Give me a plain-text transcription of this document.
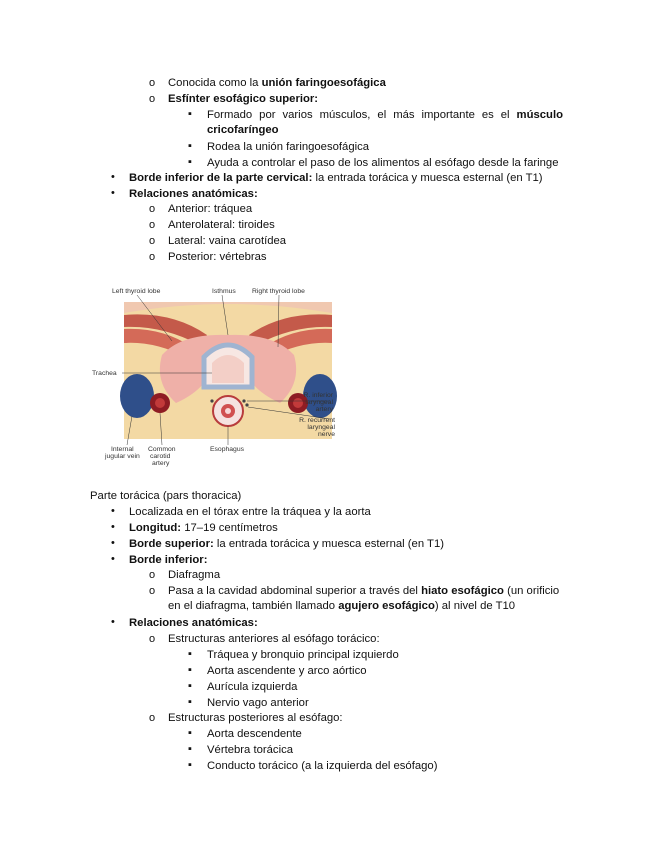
o Conocida como la unión faringoesofágica
o Esfínter esofágico superior:
▪ Formado por varios músculos, el más importante es el músculo cricofaríngeo
▪ Rodea la unión faringoesofágica
▪ Ayuda a controlar el paso de los alimentos al esófago desde la faringe
• Borde inferior de la parte cervical: la entrada torácica y muesca esternal (en T1)
• Relaciones anatómicas:
o Anterior: tráquea
o Anterolateral: tiroides
o Lateral: vaina carotídea
o Posterior: vértebras
Left thyroid lobe	Isthmus Right thyroid lobe
Trachea
R. inferior
laryngeal
artery
R. recurrent
laryngeal
nerve
Internal
jugular vein
Common
carotid
artery
Esophagus
Parte torácica (pars thoracica)
• Localizada en el tórax entre la tráquea y la aorta
• Longitud: 17–19 centímetros
• Borde superior: la entrada torácica y muesca esternal (en T1)
• Borde inferior:
o Diafragma
o Pasa a la cavidad abdominal superior a través del hiato esofágico (un orificio en el diafragma, también llamado agujero esofágico) al nivel de T10
• Relaciones anatómicas:
o Estructuras anteriores al esófago torácico:
▪ Tráquea y bronquio principal izquierdo
▪ Aorta ascendente y arco aórtico
▪ Aurícula izquierda
▪ Nervio vago anterior
o Estructuras posteriores al esófago:
▪ Aorta descendente
▪ Vértebra torácica
▪ Conducto torácico (a la izquierda del esófago)
